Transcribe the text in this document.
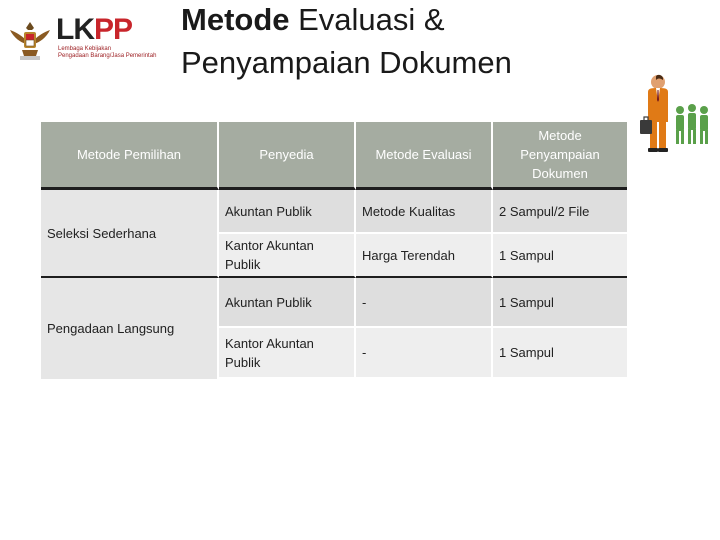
LKPP
Lembaga Kebijakan
Pengadaan Barang/Jasa Pemerintah
Metode Evaluasi &
Penyampaian Dokumen
Metode Pemilihan	Penyedia	Metode Evaluasi	Metode Penyampaian Dokumen
Seleksi Sederhana	Akuntan Publik	Metode Kualitas	2 Sampul/2 File
	Kantor Akuntan Publik	Harga Terendah	1 Sampul
Pengadaan Langsung	Akuntan Publik	-	1 Sampul
	Kantor Akuntan Publik	-	1 Sampul
